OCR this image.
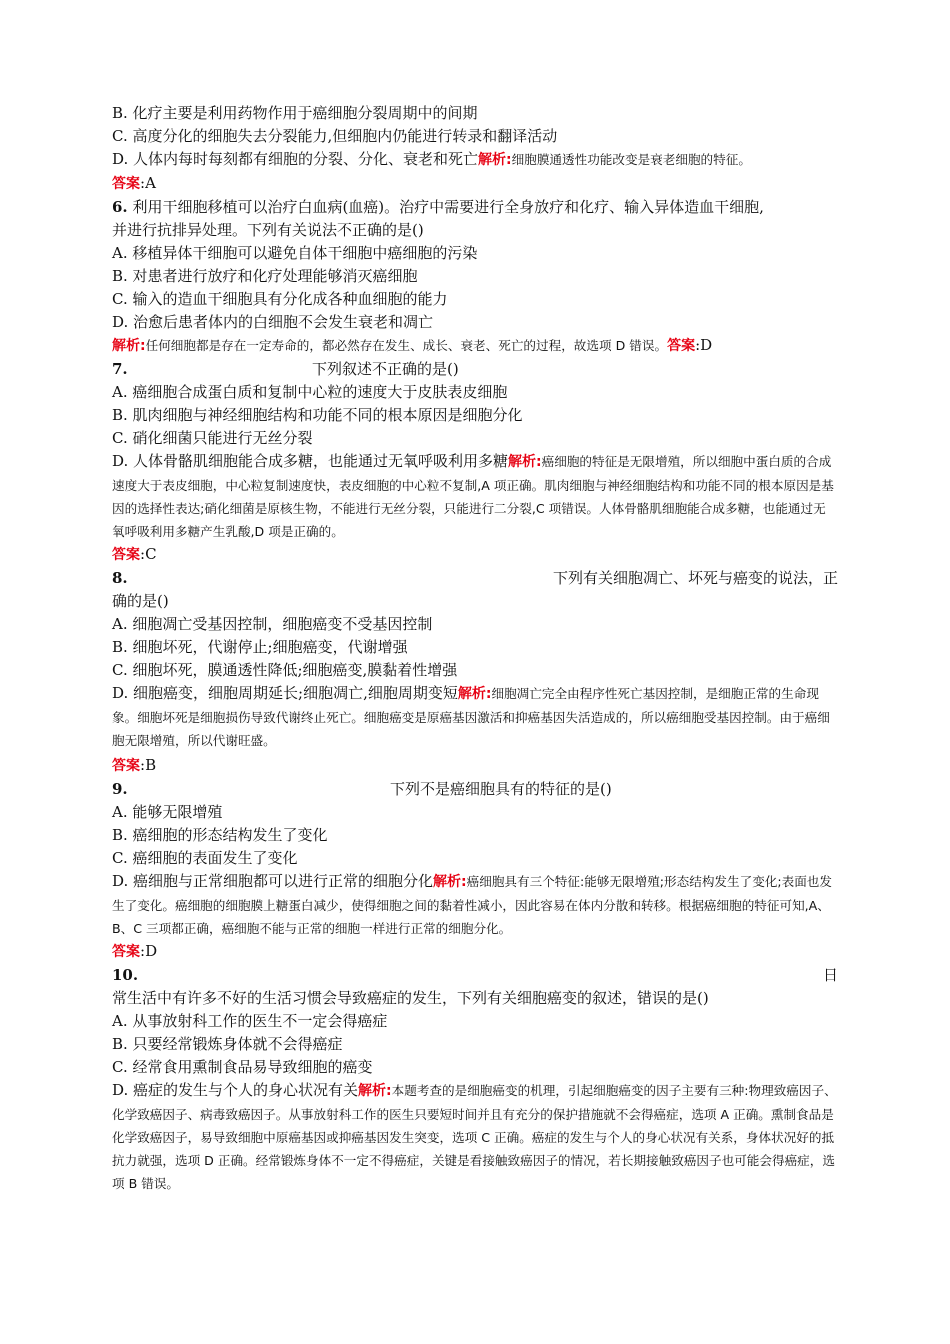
B. 化疗主要是利用药物作用于癌细胞分裂周期中的间期
C. 高度分化的细胞失去分裂能力,但细胞内仍能进行转录和翻译活动
D. 人体内每时每刻都有细胞的分裂、分化、衰老和死亡解析:细胞膜通透性功能改变是衰老细胞的特征。
答案:A
6. 利用干细胞移植可以治疗白血病(血癌)。治疗中需要进行全身放疗和化疗、输入异体造血干细胞,
并进行抗排异处理。下列有关说法不正确的是()
A. 移植异体干细胞可以避免自体干细胞中癌细胞的污染
B. 对患者进行放疗和化疗处理能够消灭癌细胞
C. 输入的造血干细胞具有分化成各种血细胞的能力
D. 治愈后患者体内的白细胞不会发生衰老和凋亡
解析:任何细胞都是存在一定寿命的，都必然存在发生、成长、衰老、死亡的过程，故选项 D 错误。答案:D
7.	下列叙述不正确的是()
A. 癌细胞合成蛋白质和复制中心粒的速度大于皮肤表皮细胞
B. 肌肉细胞与神经细胞结构和功能不同的根本原因是细胞分化
C. 硝化细菌只能进行无丝分裂
D. 人体骨骼肌细胞能合成多糖，也能通过无氧呼吸利用多糖解析:癌细胞的特征是无限增殖，所以细胞中蛋白质的合成速度大于表皮细胞，中心粒复制速度快，表皮细胞的中心粒不复制,A 项正确。肌肉细胞与神经细胞结构和功能不同的根本原因是基因的选择性表达;硝化细菌是原核生物，不能进行无丝分裂，只能进行二分裂,C 项错误。人体骨骼肌细胞能合成多糖，也能通过无氧呼吸利用多糖产生乳酸,D 项是正确的。
答案:C
8.	下列有关细胞凋亡、坏死与癌变的说法，正
确的是()
A. 细胞凋亡受基因控制，细胞癌变不受基因控制
B. 细胞坏死，代谢停止;细胞癌变，代谢增强
C. 细胞坏死，膜通透性降低;细胞癌变,膜黏着性增强
D. 细胞癌变，细胞周期延长;细胞凋亡,细胞周期变短解析:细胞凋亡完全由程序性死亡基因控制，是细胞正常的生命现象。细胞坏死是细胞损伤导致代谢终止死亡。细胞癌变是原癌基因激活和抑癌基因失活造成的，所以癌细胞受基因控制。由于癌细胞无限增殖，所以代谢旺盛。
答案:B
9.	下列不是癌细胞具有的特征的是()
A. 能够无限增殖
B. 癌细胞的形态结构发生了变化
C. 癌细胞的表面发生了变化
D. 癌细胞与正常细胞都可以进行正常的细胞分化解析:癌细胞具有三个特征:能够无限增殖;形态结构发生了变化;表面也发生了变化。癌细胞的细胞膜上糖蛋白减少，使得细胞之间的黏着性减小，因此容易在体内分散和转移。根据癌细胞的特征可知,A、B、C 三项都正确，癌细胞不能与正常的细胞一样进行正常的细胞分化。
答案:D
10.	日
常生活中有许多不好的生活习惯会导致癌症的发生，下列有关细胞癌变的叙述，错误的是()
A. 从事放射科工作的医生不一定会得癌症
B. 只要经常锻炼身体就不会得癌症
C. 经常食用熏制食品易导致细胞的癌变
D. 癌症的发生与个人的身心状况有关解析:本题考查的是细胞癌变的机理，引起细胞癌变的因子主要有三种:物理致癌因子、化学致癌因子、病毒致癌因子。从事放射科工作的医生只要短时间并且有充分的保护措施就不会得癌症，选项 A 正确。熏制食品是化学致癌因子，易导致细胞中原癌基因或抑癌基因发生突变，选项 C 正确。癌症的发生与个人的身心状况有关系，身体状况好的抵抗力就强，选项 D 正确。经常锻炼身体不一定不得癌症，关键是看接触致癌因子的情况，若长期接触致癌因子也可能会得癌症，选项 B 错误。
